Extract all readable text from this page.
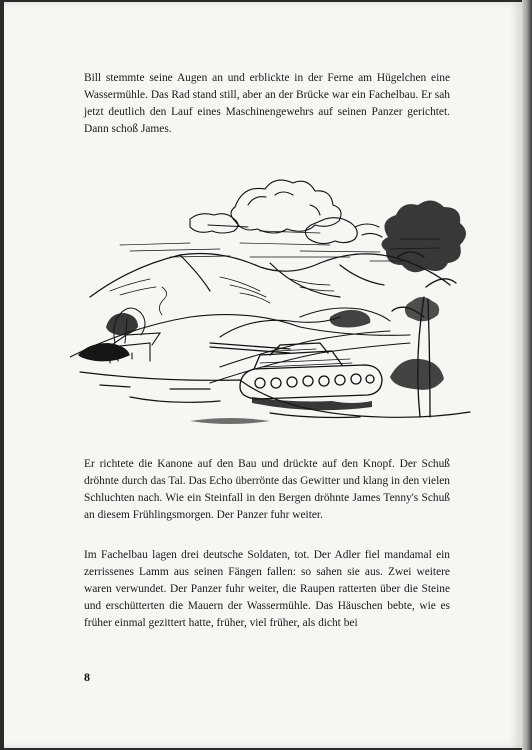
Bill stemmte seine Augen an und erblickte in der Ferne am Hügelchen eine Wassermühle. Das Rad stand still, aber an der Brücke war ein Fachelbau. Er sah jetzt deutlich den Lauf eines Maschinengewehrs auf seinen Panzer gerichtet. Dann schoß James.

Er richtete die Kanone auf den Bau und drückte auf den Knopf. Der Schuß dröhnte durch das Tal. Das Echo überrönte das Gewitter und klang in den vielen Schluchten nach. Wie ein Steinfall in den Bergen dröhnte James Tenny's Schuß an diesem Frühlingsmorgen. Der Panzer fuhr weiter.

Im Fachelbau lagen drei deutsche Soldaten, tot. Der Adler fiel mandamal ein zerrissenes Lamm aus seinen Fängen fallen: so sahen sie aus. Zwei weitere waren verwundet. Der Panzer fuhr weiter, die Raupen ratterten über die Steine und erschütterten die Mauern der Wassermühle. Das Häuschen bebte, wie es früher einmal gezittert hatte, früher, viel früher, als dicht bei

8
